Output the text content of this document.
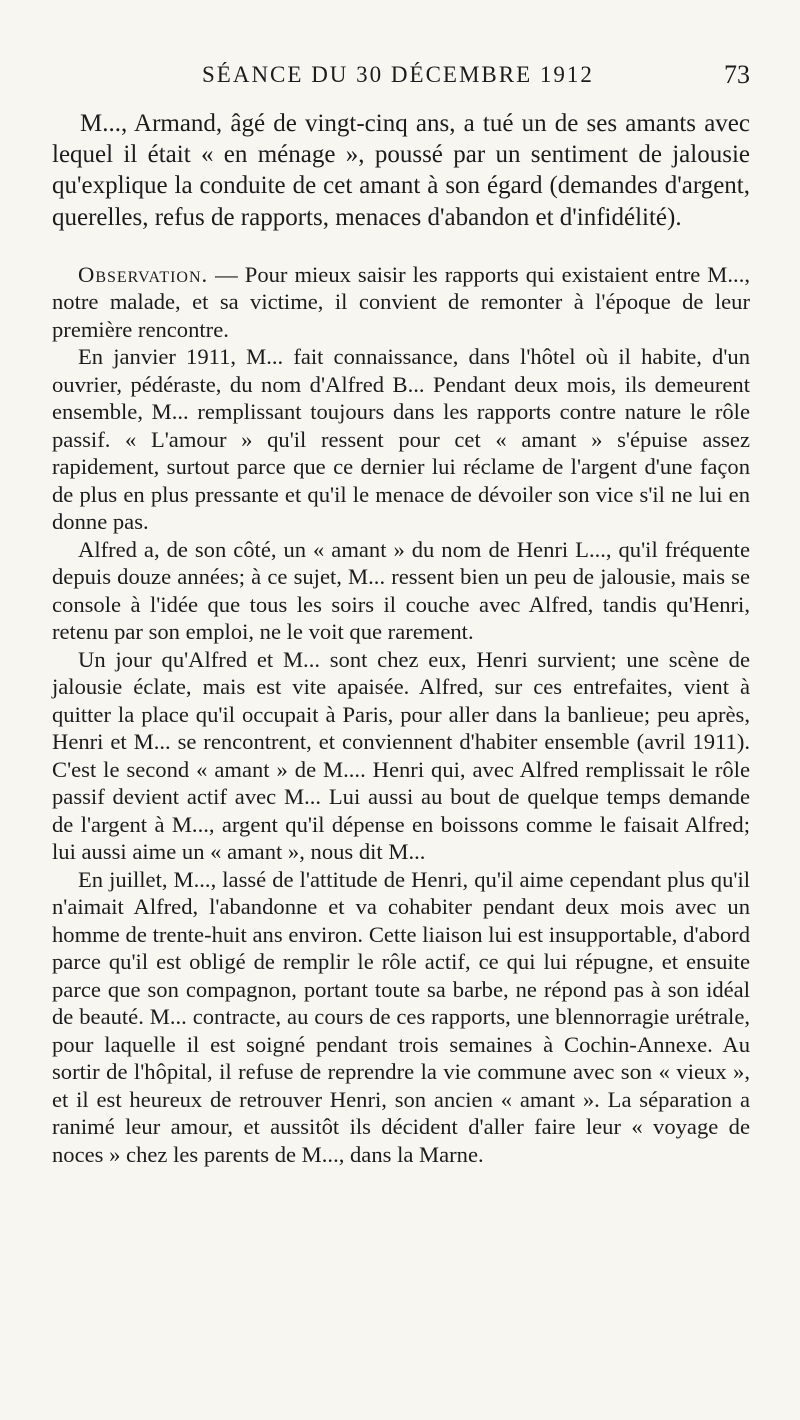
SÉANCE DU 30 DÉCEMBRE 1912	73

M..., Armand, âgé de vingt-cinq ans, a tué un de ses amants avec lequel il était « en ménage », poussé par un sentiment de jalousie qu'explique la conduite de cet amant à son égard (demandes d'argent, querelles, refus de rapports, menaces d'abandon et d'infidélité).

Observation. — Pour mieux saisir les rapports qui existaient entre M..., notre malade, et sa victime, il convient de remonter à l'époque de leur première rencontre.

En janvier 1911, M... fait connaissance, dans l'hôtel où il habite, d'un ouvrier, pédéraste, du nom d'Alfred B... Pendant deux mois, ils demeurent ensemble, M... remplissant toujours dans les rapports contre nature le rôle passif. « L'amour » qu'il ressent pour cet « amant » s'épuise assez rapidement, surtout parce que ce dernier lui réclame de l'argent d'une façon de plus en plus pressante et qu'il le menace de dévoiler son vice s'il ne lui en donne pas.

Alfred a, de son côté, un « amant » du nom de Henri L..., qu'il fréquente depuis douze années; à ce sujet, M... ressent bien un peu de jalousie, mais se console à l'idée que tous les soirs il couche avec Alfred, tandis qu'Henri, retenu par son emploi, ne le voit que rarement.

Un jour qu'Alfred et M... sont chez eux, Henri survient; une scène de jalousie éclate, mais est vite apaisée. Alfred, sur ces entrefaites, vient à quitter la place qu'il occupait à Paris, pour aller dans la banlieue; peu après, Henri et M... se rencontrent, et conviennent d'habiter ensemble (avril 1911). C'est le second « amant » de M.... Henri qui, avec Alfred remplissait le rôle passif devient actif avec M... Lui aussi au bout de quelque temps demande de l'argent à M..., argent qu'il dépense en boissons comme le faisait Alfred; lui aussi aime un « amant », nous dit M...

En juillet, M..., lassé de l'attitude de Henri, qu'il aime cependant plus qu'il n'aimait Alfred, l'abandonne et va cohabiter pendant deux mois avec un homme de trente-huit ans environ. Cette liaison lui est insupportable, d'abord parce qu'il est obligé de remplir le rôle actif, ce qui lui répugne, et ensuite parce que son compagnon, portant toute sa barbe, ne répond pas à son idéal de beauté. M... contracte, au cours de ces rapports, une blennorragie urétrale, pour laquelle il est soigné pendant trois semaines à Cochin-Annexe. Au sortir de l'hôpital, il refuse de reprendre la vie commune avec son « vieux », et il est heureux de retrouver Henri, son ancien « amant ». La séparation a ranimé leur amour, et aussitôt ils décident d'aller faire leur « voyage de noces » chez les parents de M..., dans la Marne.
